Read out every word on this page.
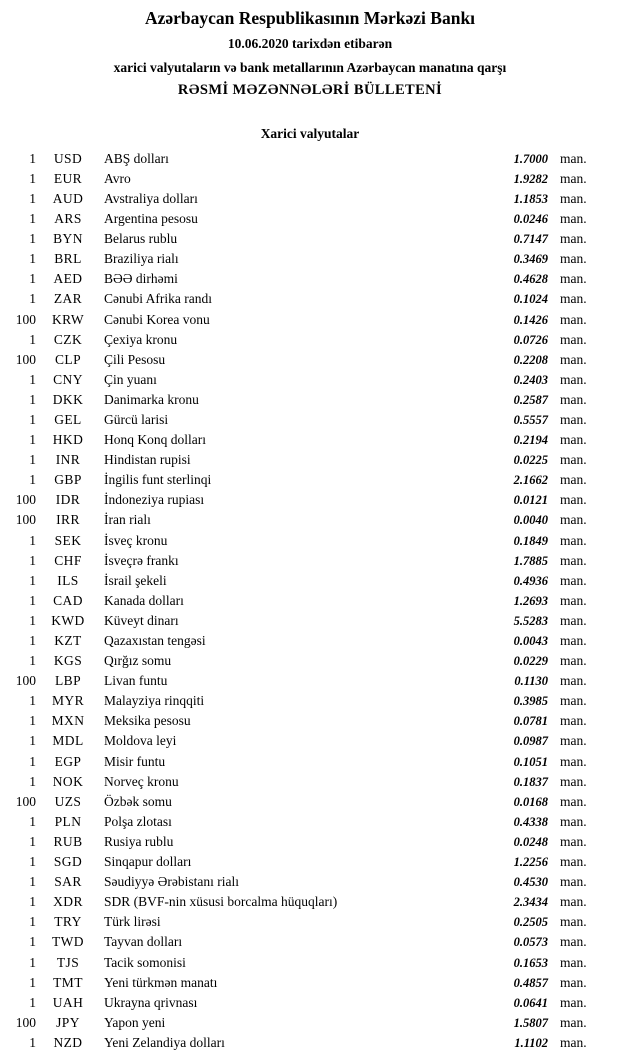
Azərbaycan Respublikasının Mərkəzi Bankı
10.06.2020 tarixdən etibarən
xarici valyutaların və bank metallarının Azərbaycan manatına qarşı
RƏSMİ MƏZƏNNƏLƏRİ BÜLLETENİ
Xarici valyutalar
1	USD	ABŞ dolları	1.7000 man.
1	EUR	Avro	1.9282 man.
1	AUD	Avstraliya dolları	1.1853 man.
1	ARS	Argentina pesosu	0.0246 man.
1	BYN	Belarus rublu	0.7147 man.
1	BRL	Braziliya rialı	0.3469 man.
1	AED	BƏƏ dirhəmi	0.4628 man.
1	ZAR	Cənubi Afrika randı	0.1024 man.
100	KRW	Cənubi Korea vonu	0.1426 man.
1	CZK	Çexiya kronu	0.0726 man.
100	CLP	Çili Pesosu	0.2208 man.
1	CNY	Çin yuanı	0.2403 man.
1	DKK	Danimarka kronu	0.2587 man.
1	GEL	Gürcü larisi	0.5557 man.
1	HKD	Honq Konq dolları	0.2194 man.
1	INR	Hindistan rupisi	0.0225 man.
1	GBP	İngilis funt sterlinqi	2.1662 man.
100	IDR	İndoneziya rupiası	0.0121 man.
100	IRR	İran rialı	0.0040 man.
1	SEK	İsveç kronu	0.1849 man.
1	CHF	İsveçrə frankı	1.7885 man.
1	ILS	İsrail şekeli	0.4936 man.
1	CAD	Kanada dolları	1.2693 man.
1	KWD	Küveyt dinarı	5.5283 man.
1	KZT	Qazaxıstan tengəsi	0.0043 man.
1	KGS	Qırğız somu	0.0229 man.
100	LBP	Livan funtu	0.1130 man.
1	MYR	Malayziya rinqqiti	0.3985 man.
1	MXN	Meksika pesosu	0.0781 man.
1	MDL	Moldova leyi	0.0987 man.
1	EGP	Misir funtu	0.1051 man.
1	NOK	Norveç kronu	0.1837 man.
100	UZS	Özbək somu	0.0168 man.
1	PLN	Polşa zlotası	0.4338 man.
1	RUB	Rusiya rublu	0.0248 man.
1	SGD	Sinqapur dolları	1.2256 man.
1	SAR	Səudiyyə Ərəbistanı rialı	0.4530 man.
1	XDR	SDR (BVF-nin xüsusi borcalma hüquqları)	2.3434 man.
1	TRY	Türk lirəsi	0.2505 man.
1	TWD	Tayvan dolları	0.0573 man.
1	TJS	Tacik somonisi	0.1653 man.
1	TMT	Yeni türkmən manatı	0.4857 man.
1	UAH	Ukrayna qrivnası	0.0641 man.
100	JPY	Yapon yeni	1.5807 man.
1	NZD	Yeni Zelandiya dolları	1.1102 man.
